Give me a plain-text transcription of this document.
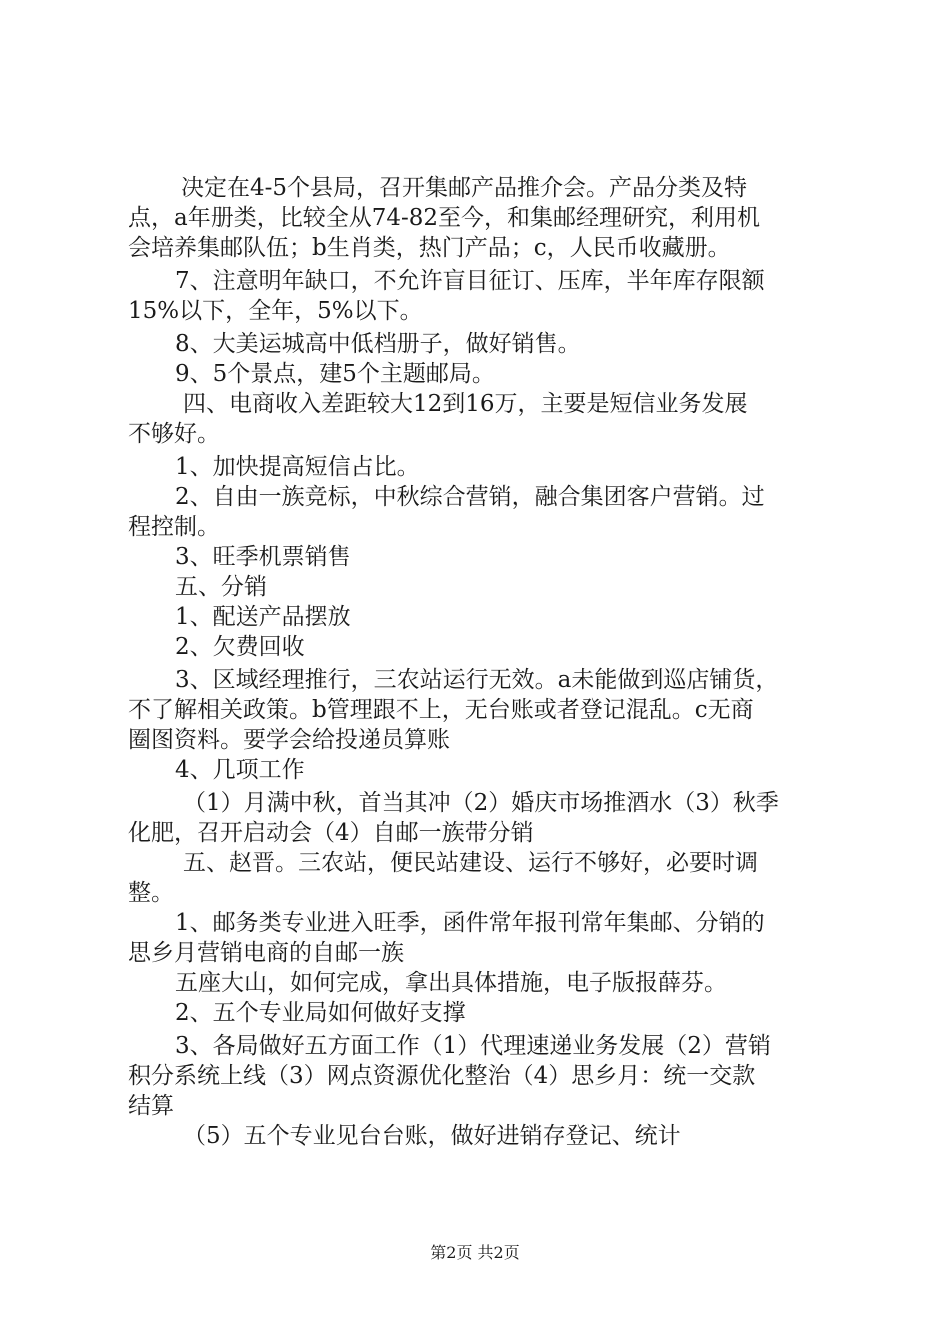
决定在4-5个县局，召开集邮产品推介会。产品分类及特

点，a年册类，比较全从74-82至今，和集邮经理研究，利用机

会培养集邮队伍；b生肖类，热门产品；c，人民币收藏册。

7、注意明年缺口，不允许盲目征订、压库，半年库存限额

15%以下，全年，5%以下。

8、大美运城高中低档册子，做好销售。

9、5个景点，建5个主题邮局。

四、电商收入差距较大12到16万，主要是短信业务发展

不够好。

1、加快提高短信占比。

2、自由一族竞标，中秋综合营销，融合集团客户营销。过

程控制。

3、旺季机票销售

五、分销

1、配送产品摆放

2、欠费回收

3、区域经理推行，三农站运行无效。a未能做到巡店铺货，

不了解相关政策。b管理跟不上，无台账或者登记混乱。c无商

圈图资料。要学会给投递员算账

4、几项工作

（1）月满中秋，首当其冲（2）婚庆市场推酒水（3）秋季

化肥，召开启动会（4）自邮一族带分销

五、赵晋。三农站，便民站建设、运行不够好，必要时调

整。

1、邮务类专业进入旺季，函件常年报刊常年集邮、分销的

思乡月营销电商的自邮一族

五座大山，如何完成，拿出具体措施，电子版报薛芬。

2、五个专业局如何做好支撑

3、各局做好五方面工作（1）代理速递业务发展（2）营销

积分系统上线（3）网点资源优化整治（4）思乡月：统一交款

结算

（5）五个专业见台台账，做好进销存登记、统计

第2页 共2页
